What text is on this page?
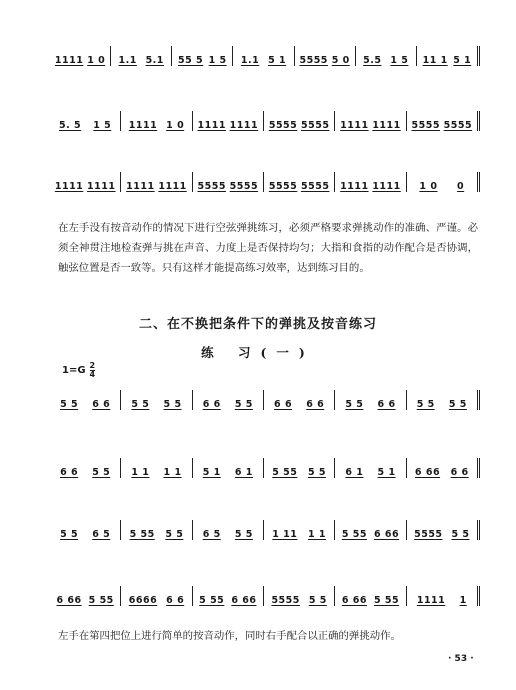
1111 1 0 1.1 5.1 55 5 1 5 1.1 5 1 5555 5 0 5.5 1 5 11 1 5 1
5. 5 1 5 1111 1 0 1111 1111 5555 5555 1111 1111 5555 5555
1111 1111 1111 1111 5555 5555 5555 5555 1111 1111 1 0 0
5 5 6 6 5 5 5 5 6 6 5 5 6 6 6 6 5 5 6 6 5 5 5 5
6 6 5 5 1 1 1 1 5 1 6 1 5 55 5 5 6 1 5 1 6 66 6 6
5 5 6 5 5 55 5 5 6 5 5 5 1 11 1 1 5 55 6 66 5555 5 5
6 66 5 55 6666 6 6 5 55 6 66 5555 5 5 6 66 5 55 1111 1

在左手没有按音动作的情况下进行空弦弹挑练习，必须严格要求弹挑动作的准确、严谨。必须全神贯注地检查弹与挑在声音、力度上是否保持均匀；大指和食指的动作配合是否协调，触弦位置是否一致等。只有这样才能提高练习效率，达到练习目的。

二、在不换把条件下的弹挑及按音练习
练 习(一)
$1=G \frac{2}{4}$

左手在第四把位上进行简单的按音动作，同时右手配合以正确的弹挑动作。

· 53 ·
